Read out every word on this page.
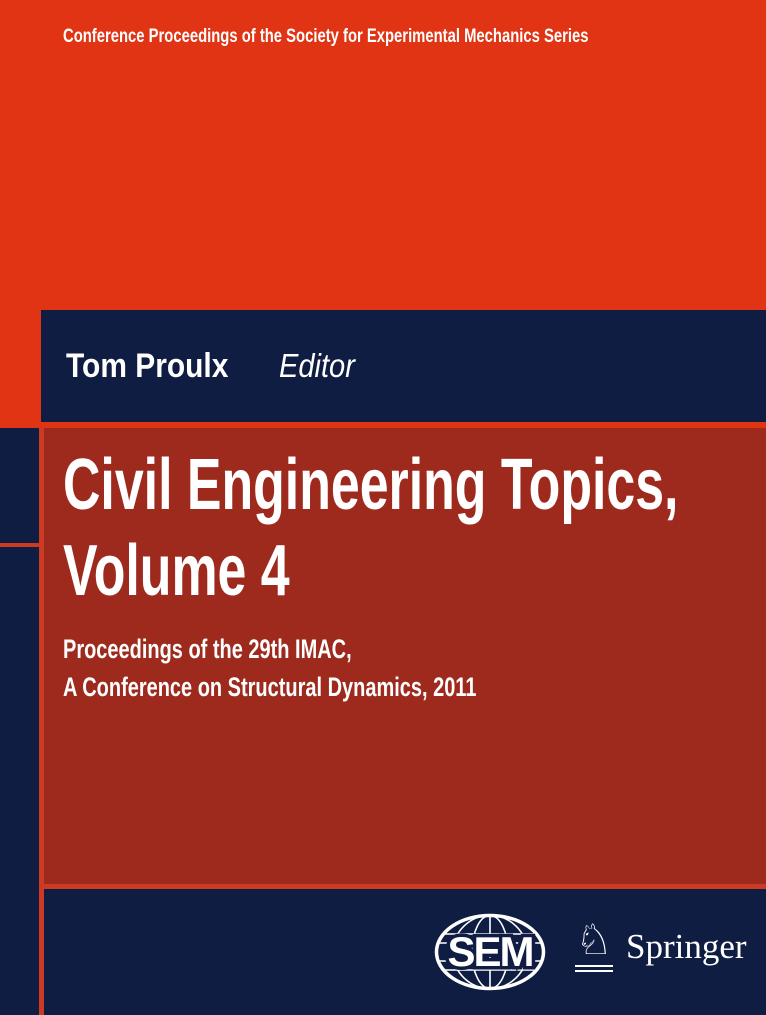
Conference Proceedings of the Society for Experimental Mechanics Series
Tom Proulx	Editor
Civil Engineering Topics,
Volume 4
Proceedings of the 29th IMAC,
A Conference on Structural Dynamics, 2011
SEM ♘ Springer
